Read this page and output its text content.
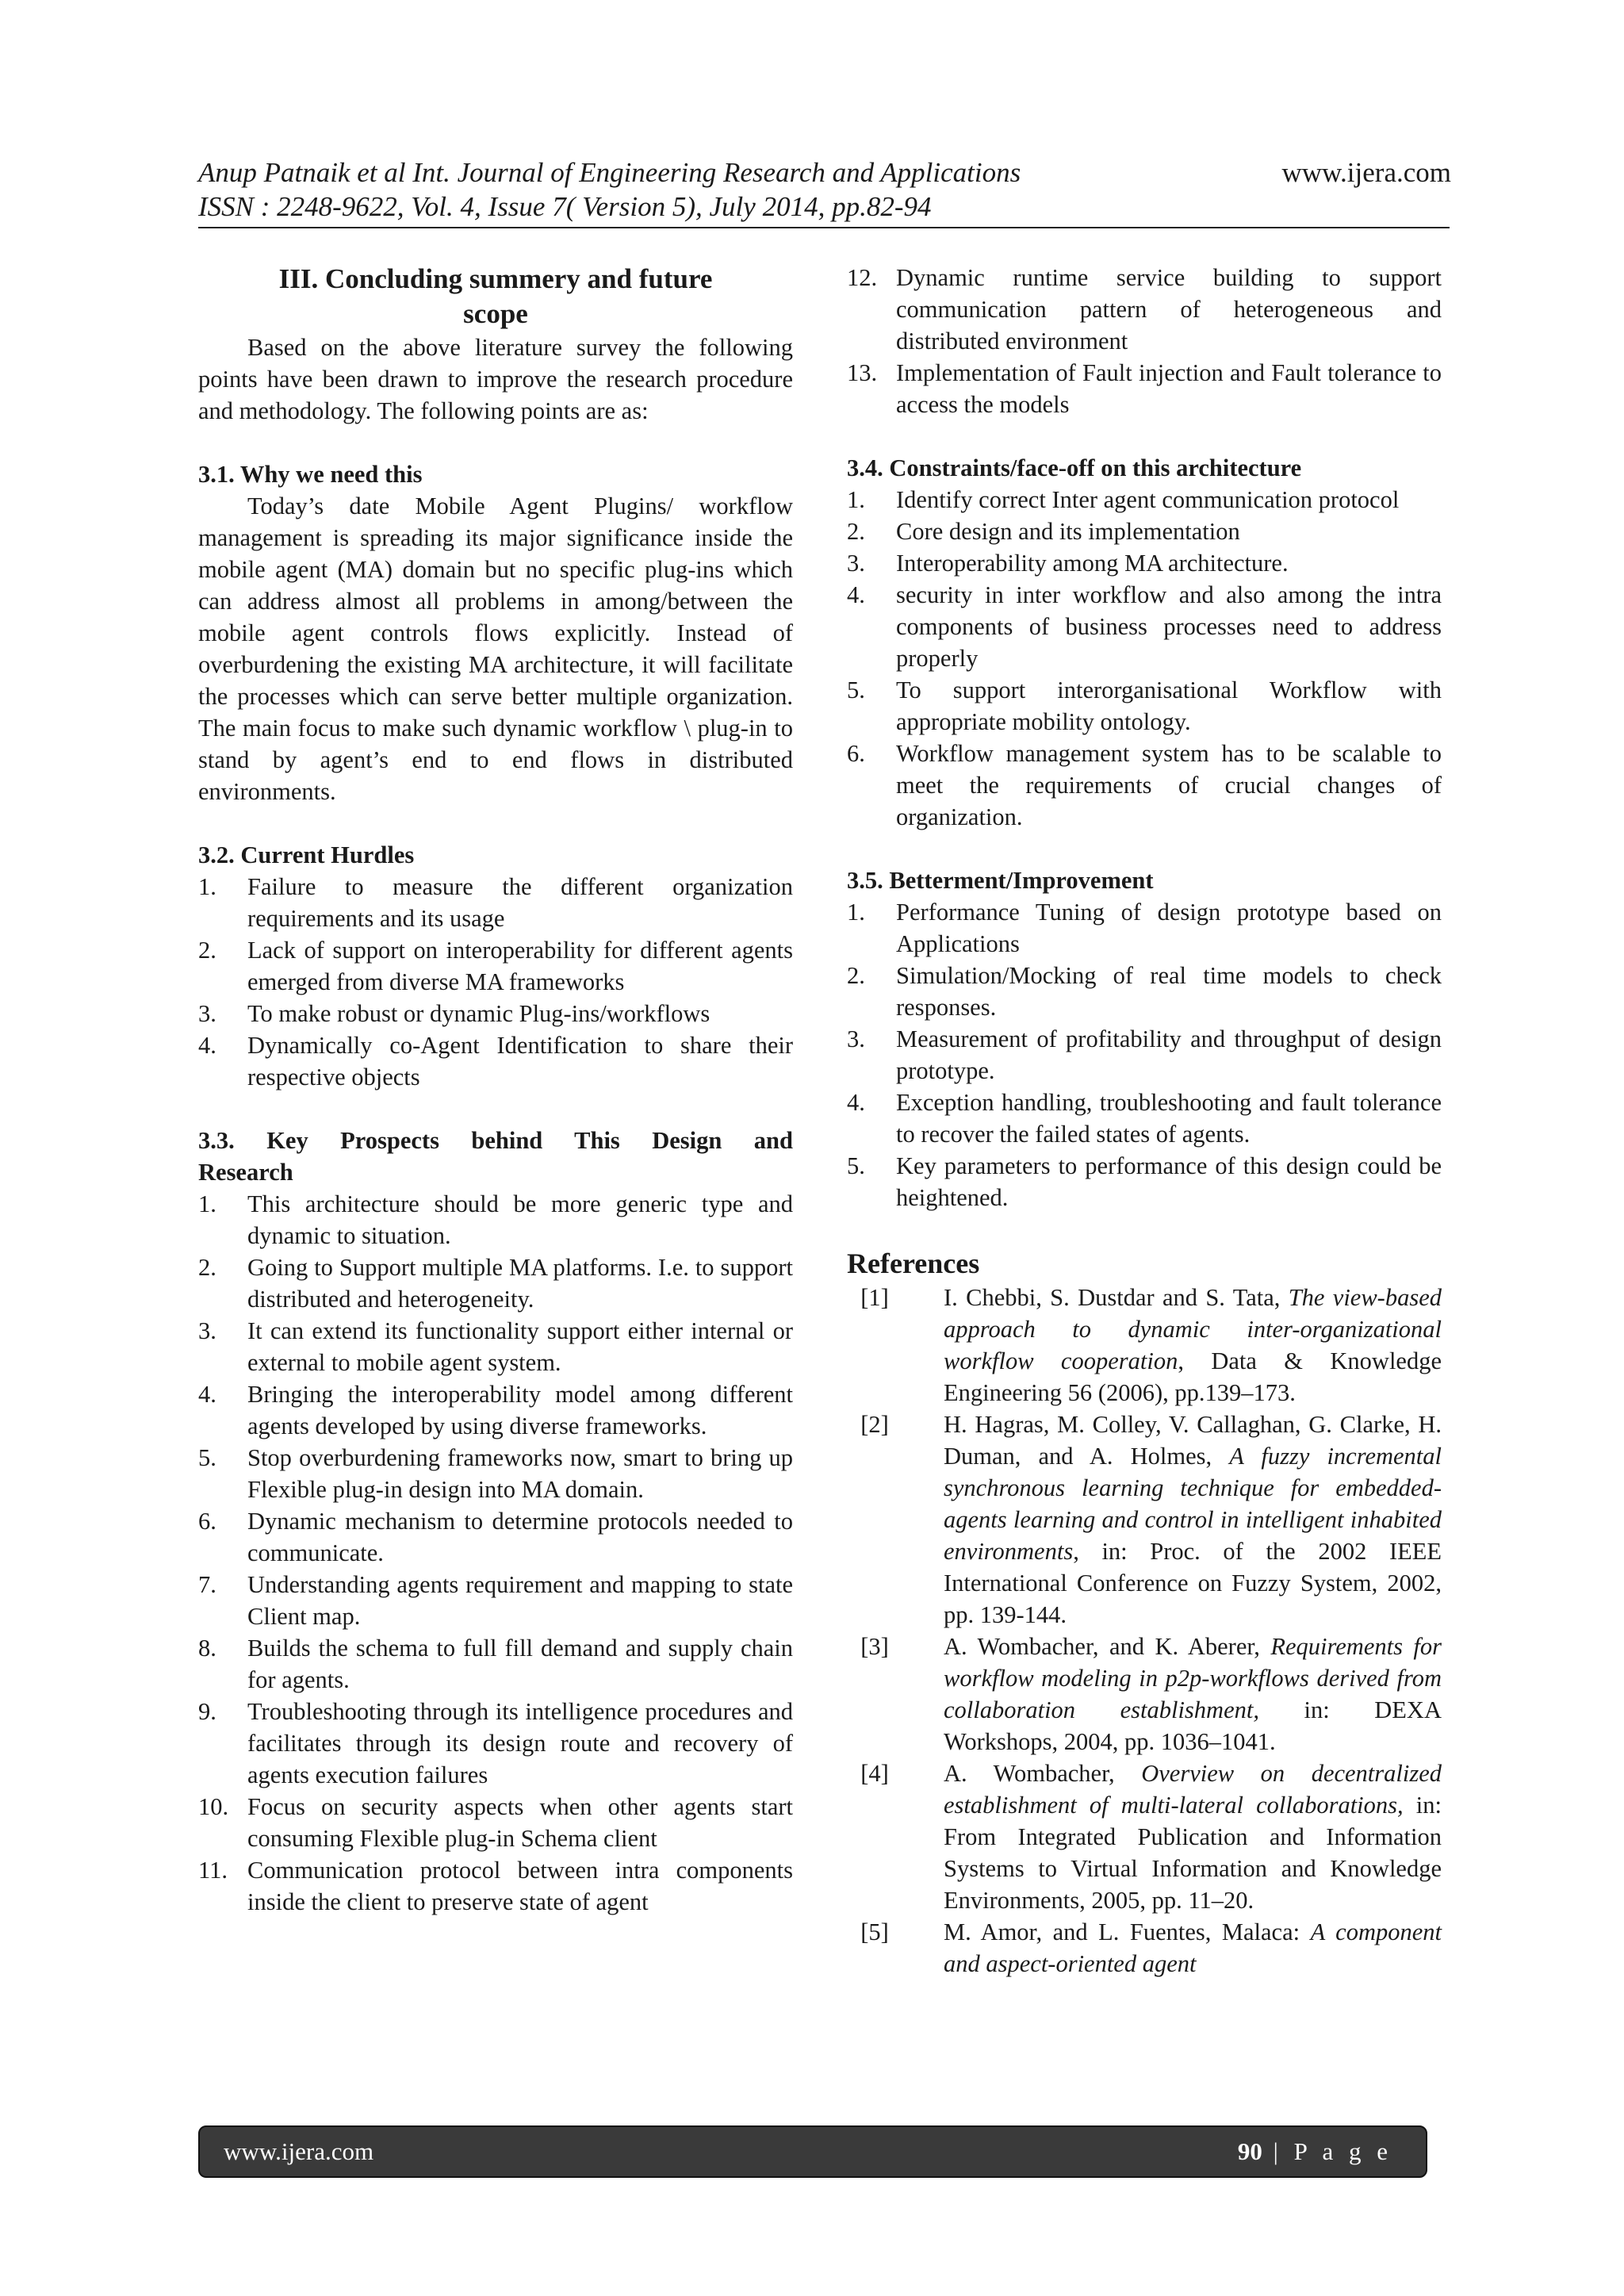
Anup Patnaik et al Int. Journal of Engineering Research and Applications	www.ijera.com
ISSN : 2248-9622, Vol. 4, Issue 7( Version 5), July 2014, pp.82-94

III. Concluding summery and future
scope

Based on the above literature survey the following points have been drawn to improve the research procedure and methodology. The following points are as:

3.1. Why we need this

Today’s date Mobile Agent Plugins/ workflow management is spreading its major significance inside the mobile agent (MA) domain but no specific plug-ins which can address almost all problems in among/between the mobile agent controls flows explicitly. Instead of overburdening the existing MA architecture, it will facilitate the processes which can serve better multiple organization. The main focus to make such dynamic workflow \ plug-in to stand by agent’s end to end flows in distributed environments.

3.2. Current Hurdles

1.	Failure to measure the different organization requirements and its usage
2.	Lack of support on interoperability for different agents emerged from diverse MA frameworks
3.	To make robust or dynamic Plug-ins/workflows
4.	Dynamically co-Agent Identification to share their respective objects

3.3. Key Prospects behind This Design and

Research

1.	This architecture should be more generic type and dynamic to situation.
2.	Going to Support multiple MA platforms. I.e. to support distributed and heterogeneity.
3.	It can extend its functionality support either internal or external to mobile agent system.
4.	Bringing the interoperability model among different agents developed by using diverse frameworks.
5.	Stop overburdening frameworks now, smart to bring up Flexible plug-in design into MA domain.
6.	Dynamic mechanism to determine protocols needed to communicate.
7.	Understanding agents requirement and mapping to state Client map.
8.	Builds the schema to full fill demand and supply chain for agents.
9.	Troubleshooting through its intelligence procedures and facilitates through its design route and recovery of agents execution failures
10. Focus on security aspects when other agents start consuming Flexible plug-in Schema client
11. Communication protocol between intra components inside the client to preserve state of agent
12. Dynamic runtime service building to support communication pattern of heterogeneous and distributed environment
13. Implementation of Fault injection and Fault tolerance to access the models

3.4. Constraints/face-off on this architecture

1.	Identify correct Inter agent communication protocol
2.	Core design and its implementation
3.	Interoperability among MA architecture.
4.	security in inter workflow and also among the intra components of business processes need to address properly
5.	To support interorganisational Workflow with appropriate mobility ontology.
6.	Workflow management system has to be scalable to meet the requirements of crucial changes of organization.

3.5. Betterment/Improvement

1.	Performance Tuning of design prototype based on Applications
2.	Simulation/Mocking of real time models to check responses.
3.	Measurement of profitability and throughput of design prototype.
4.	Exception handling, troubleshooting and fault tolerance to recover the failed states of agents.
5.	Key parameters to performance of this design could be heightened.

References

[1]	I. Chebbi, S. Dustdar and S. Tata, The view-based approach to dynamic inter-organizational workflow cooperation, Data & Knowledge Engineering 56 (2006), pp.139–173.
[2]	H. Hagras, M. Colley, V. Callaghan, G. Clarke, H. Duman, and A. Holmes, A fuzzy incremental synchronous learning technique for embedded-agents learning and control in intelligent inhabited environments, in: Proc. of the 2002 IEEE International Conference on Fuzzy System, 2002, pp. 139-144.
[3]	A. Wombacher, and K. Aberer, Requirements for workflow modeling in p2p-workflows derived from collaboration establishment, in: DEXA Workshops, 2004, pp. 1036–1041.
[4]	A. Wombacher, Overview on decentralized establishment of multi-lateral collaborations, in: From Integrated Publication and Information Systems to Virtual Information and Knowledge Environments, 2005, pp. 11–20.
[5]	M. Amor, and L. Fuentes, Malaca: A component and aspect-oriented agent
www.ijera.com	90 | P a g e
